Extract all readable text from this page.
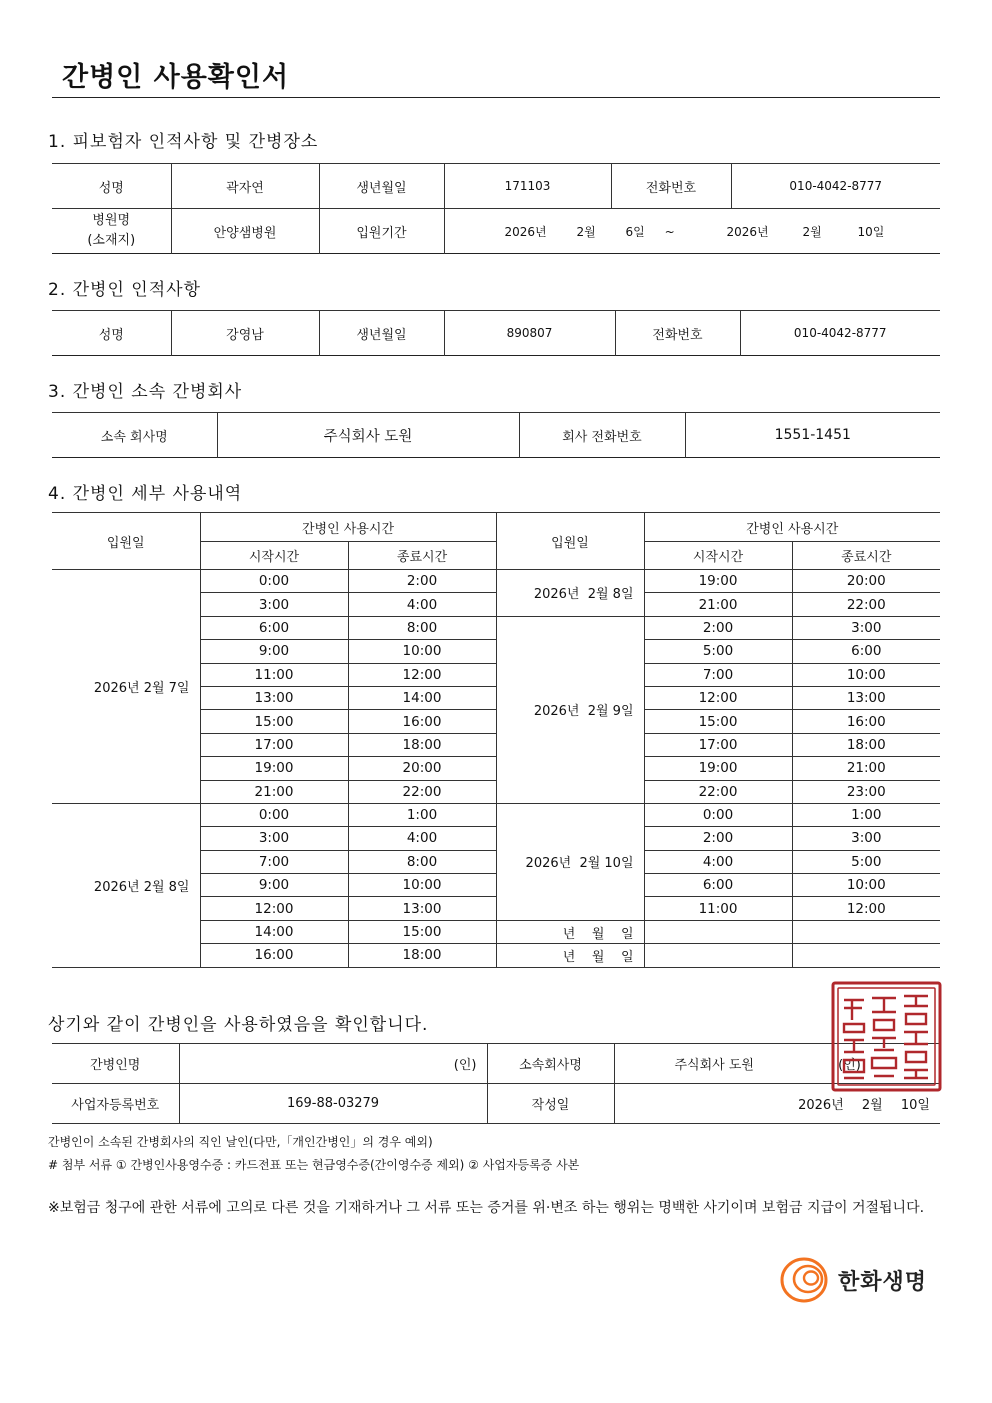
간병인 사용확인서
1. 피보험자 인적사항 및 간병장소
성명	곽자연	생년월일	171103	전화번호	010-4042-8777

병원명
(소재지)	안양샘병원	입원기간	2026년 2월 6일 ~ 2026년 2월 10일		
2. 간병인 인적사항
성명	강영남	생년월일	890807	전화번호	010-4042-8777
3. 간병인 소속 간병회사
소속 회사명	주식회사 도원	회사 전화번호	1551-1451
4. 간병인 세부 사용내역
입원일	간병인 사용시간		입원일	간병인 사용시간	
	시작시간	종료시간		시작시간	종료시간
2026년 2월 7일	0:00	2:00	2026년  2월 8일	19:00	20:00
	3:00	4:00		21:00	22:00
	6:00	8:00	2026년  2월 9일	2:00	3:00
	9:00	10:00		5:00	6:00
	11:00	12:00		7:00	10:00
	13:00	14:00		12:00	13:00
	15:00	16:00		15:00	16:00
	17:00	18:00		17:00	18:00
	19:00	20:00		19:00	21:00
	21:00	22:00		22:00	23:00
2026년 2월 8일	0:00	1:00	2026년  2월 10일	0:00	1:00
	3:00	4:00		2:00	3:00
	7:00	8:00		4:00	5:00
	9:00	10:00		6:00	10:00
	12:00	13:00		11:00	12:00
	14:00	15:00	년    월    일		
	16:00	18:00	년    월    일		
상기와 같이 간병인을 사용하였음을 확인합니다.
간병인명	(인)	소속회사명	주식회사 도원 (인)
사업자등록번호	169-88-03279	작성일	2026년 2월 10일
간병인이 소속된 간병회사의 직인 날인(다만,「개인간병인」의 경우 예외)
# 첨부 서류 ① 간병인사용영수증 : 카드전표 또는 현금영수증(간이영수증 제외) ② 사업자등록증 사본
※보험금 청구에 관한 서류에 고의로 다른 것을 기재하거나 그 서류 또는 증거를 위·변조 하는 행위는 명백한 사기이며 보험금 지급이 거절됩니다.
한화생명
